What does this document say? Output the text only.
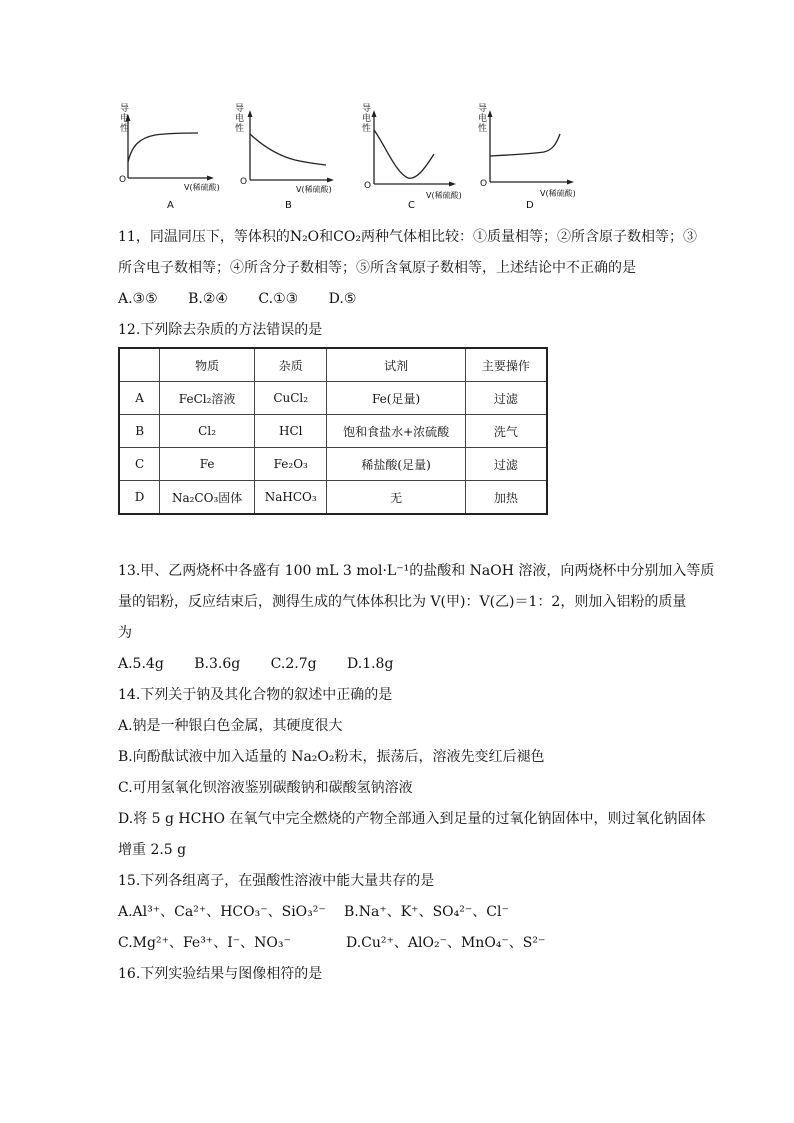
导电性
O
V(稀硫酸)
A
导电性
O
V(稀硫酸)
B
导电性
O
V(稀硫酸)
C
导电性
O
V(稀硫酸)
D
11，同温同压下，等体积的N₂O和CO₂两种气体相比较：①质量相等；②所含原子数相等；③
所含电子数相等；④所含分子数相等；⑤所含氧原子数相等，上述结论中不正确的是
A.③⑤ B.②④ C.①③ D.⑤
12.下列除去杂质的方法错误的是
	物质	杂质	试剂	主要操作
A	FeCl₂溶液	CuCl₂	Fe(足量)	过滤
B	Cl₂	HCl	饱和食盐水+浓硫酸	洗气
C	Fe	Fe₂O₃	稀盐酸(足量)	过滤
D	Na₂CO₃固体	NaHCO₃	无	加热
13.甲、乙两烧杯中各盛有 100 mL 3 mol·L⁻¹的盐酸和 NaOH 溶液，向两烧杯中分别加入等质
量的铝粉，反应结束后，测得生成的气体体积比为 V(甲)：V(乙)＝1：2，则加入铝粉的质量
为
A.5.4g B.3.6g C.2.7g D.1.8g
14.下列关于钠及其化合物的叙述中正确的是
A.钠是一种银白色金属，其硬度很大
B.向酚酞试液中加入适量的 Na₂O₂粉末，振荡后，溶液先变红后褪色
C.可用氢氧化钡溶液鉴别碳酸钠和碳酸氢钠溶液
D.将 5 g HCHO 在氧气中完全燃烧的产物全部通入到足量的过氧化钠固体中，则过氧化钠固体
增重 2.5 g
15.下列各组离子，在强酸性溶液中能大量共存的是
A.Al³⁺、Ca²⁺、HCO₃⁻、SiO₃²⁻ B.Na⁺、K⁺、SO₄²⁻、Cl⁻
C.Mg²⁺、Fe³⁺、I⁻、NO₃⁻	D.Cu²⁺、AlO₂⁻、MnO₄⁻、S²⁻
16.下列实验结果与图像相符的是
